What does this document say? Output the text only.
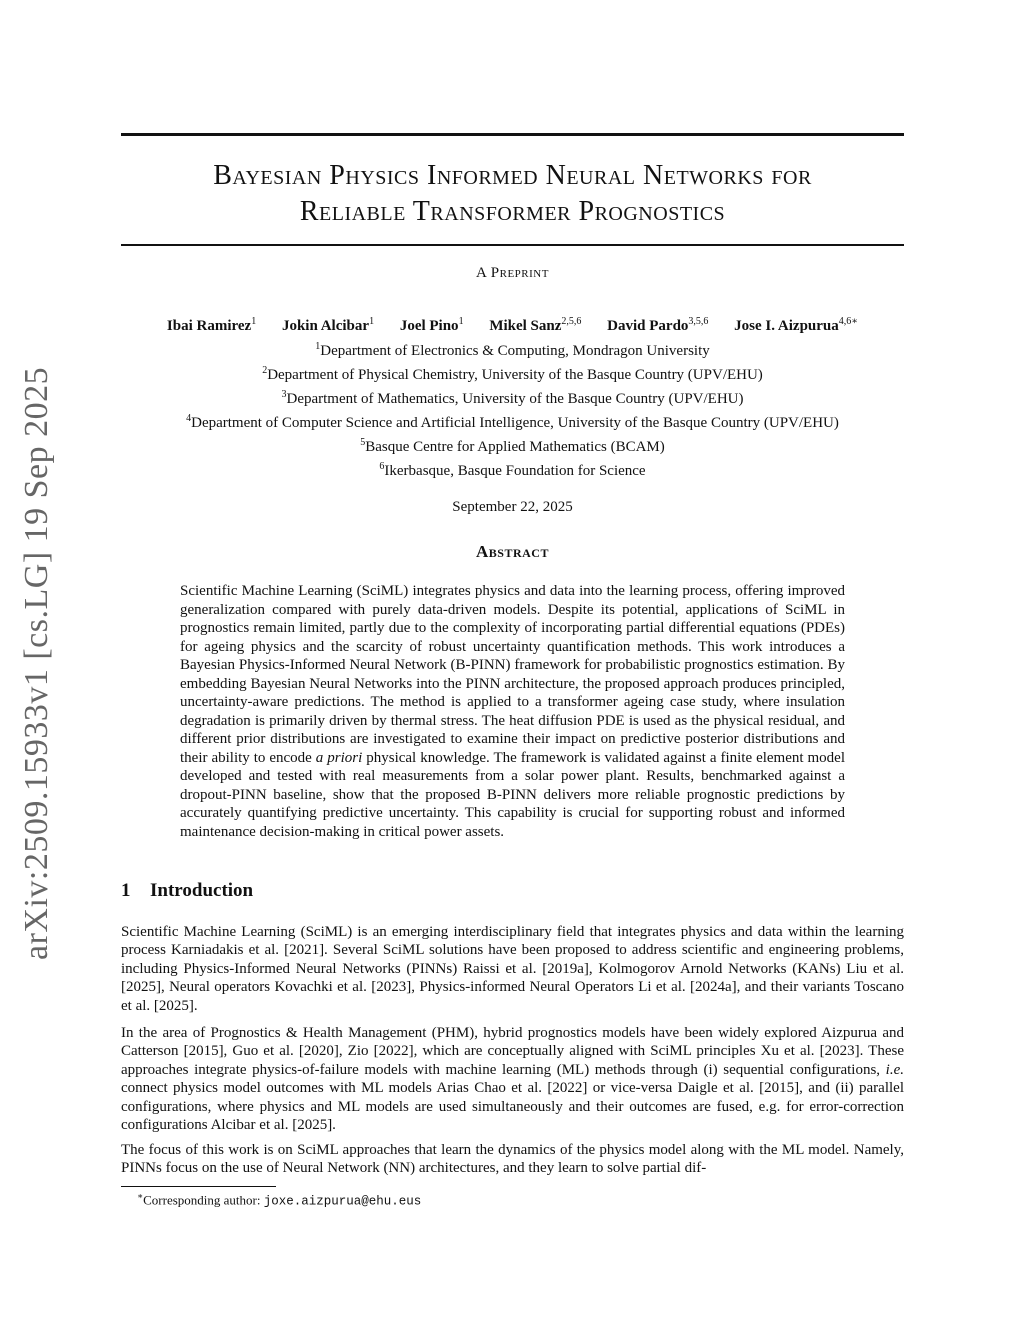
arXiv:2509.15933v1 [cs.LG] 19 Sep 2025
Bayesian Physics Informed Neural Networks for
Reliable Transformer Prognostics
A Preprint
Ibai Ramirez$^1$ Jokin Alcibar$^1$ Joel Pino$^1$ Mikel Sanz$^{2,5,6}$ David Pardo$^{3,5,6}$ Jose I. Aizpurua$^{4,6∗}$
$^1$Department of Electronics & Computing, Mondragon University
$^2$Department of Physical Chemistry, University of the Basque Country (UPV/EHU)
$^3$Department of Mathematics, University of the Basque Country (UPV/EHU)
$^4$Department of Computer Science and Artificial Intelligence, University of the Basque Country (UPV/EHU)
$^5$Basque Centre for Applied Mathematics (BCAM)
$^6$Ikerbasque, Basque Foundation for Science
September 22, 2025
Abstract
Scientific Machine Learning (SciML) integrates physics and data into the learning process, offering improved generalization compared with purely data-driven models. Despite its potential, applications of SciML in prognostics remain limited, partly due to the complexity of incorporating partial differential equations (PDEs) for ageing physics and the scarcity of robust uncertainty quantification methods. This work introduces a Bayesian Physics-Informed Neural Network (B-PINN) framework for probabilistic prognostics estimation. By embedding Bayesian Neural Networks into the PINN architecture, the proposed approach produces principled, uncertainty-aware predictions. The method is applied to a transformer ageing case study, where insulation degradation is primarily driven by thermal stress. The heat diffusion PDE is used as the physical residual, and different prior distributions are investigated to examine their impact on predictive posterior distributions and their ability to encode a priori physical knowledge. The framework is validated against a finite element model developed and tested with real measurements from a solar power plant. Results, benchmarked against a dropout-PINN baseline, show that the proposed B-PINN delivers more reliable prognostic predictions by accurately quantifying predictive uncertainty. This capability is crucial for supporting robust and informed maintenance decision-making in critical power assets.
1 Introduction
Scientific Machine Learning (SciML) is an emerging interdisciplinary field that integrates physics and data within the learning process Karniadakis et al. [2021]. Several SciML solutions have been proposed to address scientific and engineering problems, including Physics-Informed Neural Networks (PINNs) Raissi et al. [2019a], Kolmogorov Arnold Networks (KANs) Liu et al. [2025], Neural operators Kovachki et al. [2023], Physics-informed Neural Operators Li et al. [2024a], and their variants Toscano et al. [2025].
In the area of Prognostics & Health Management (PHM), hybrid prognostics models have been widely explored Aizpurua and Catterson [2015], Guo et al. [2020], Zio [2022], which are conceptually aligned with SciML principles Xu et al. [2023]. These approaches integrate physics-of-failure models with machine learning (ML) methods through (i) sequential configurations, i.e. connect physics model outcomes with ML models Arias Chao et al. [2022] or vice-versa Daigle et al. [2015], and (ii) parallel configurations, where physics and ML models are used simultaneously and their outcomes are fused, e.g. for error-correction configurations Alcibar et al. [2025].
The focus of this work is on SciML approaches that learn the dynamics of the physics model along with the ML model. Namely, PINNs focus on the use of Neural Network (NN) architectures, and they learn to solve partial dif-
∗Corresponding author: joxe.aizpurua@ehu.eus
